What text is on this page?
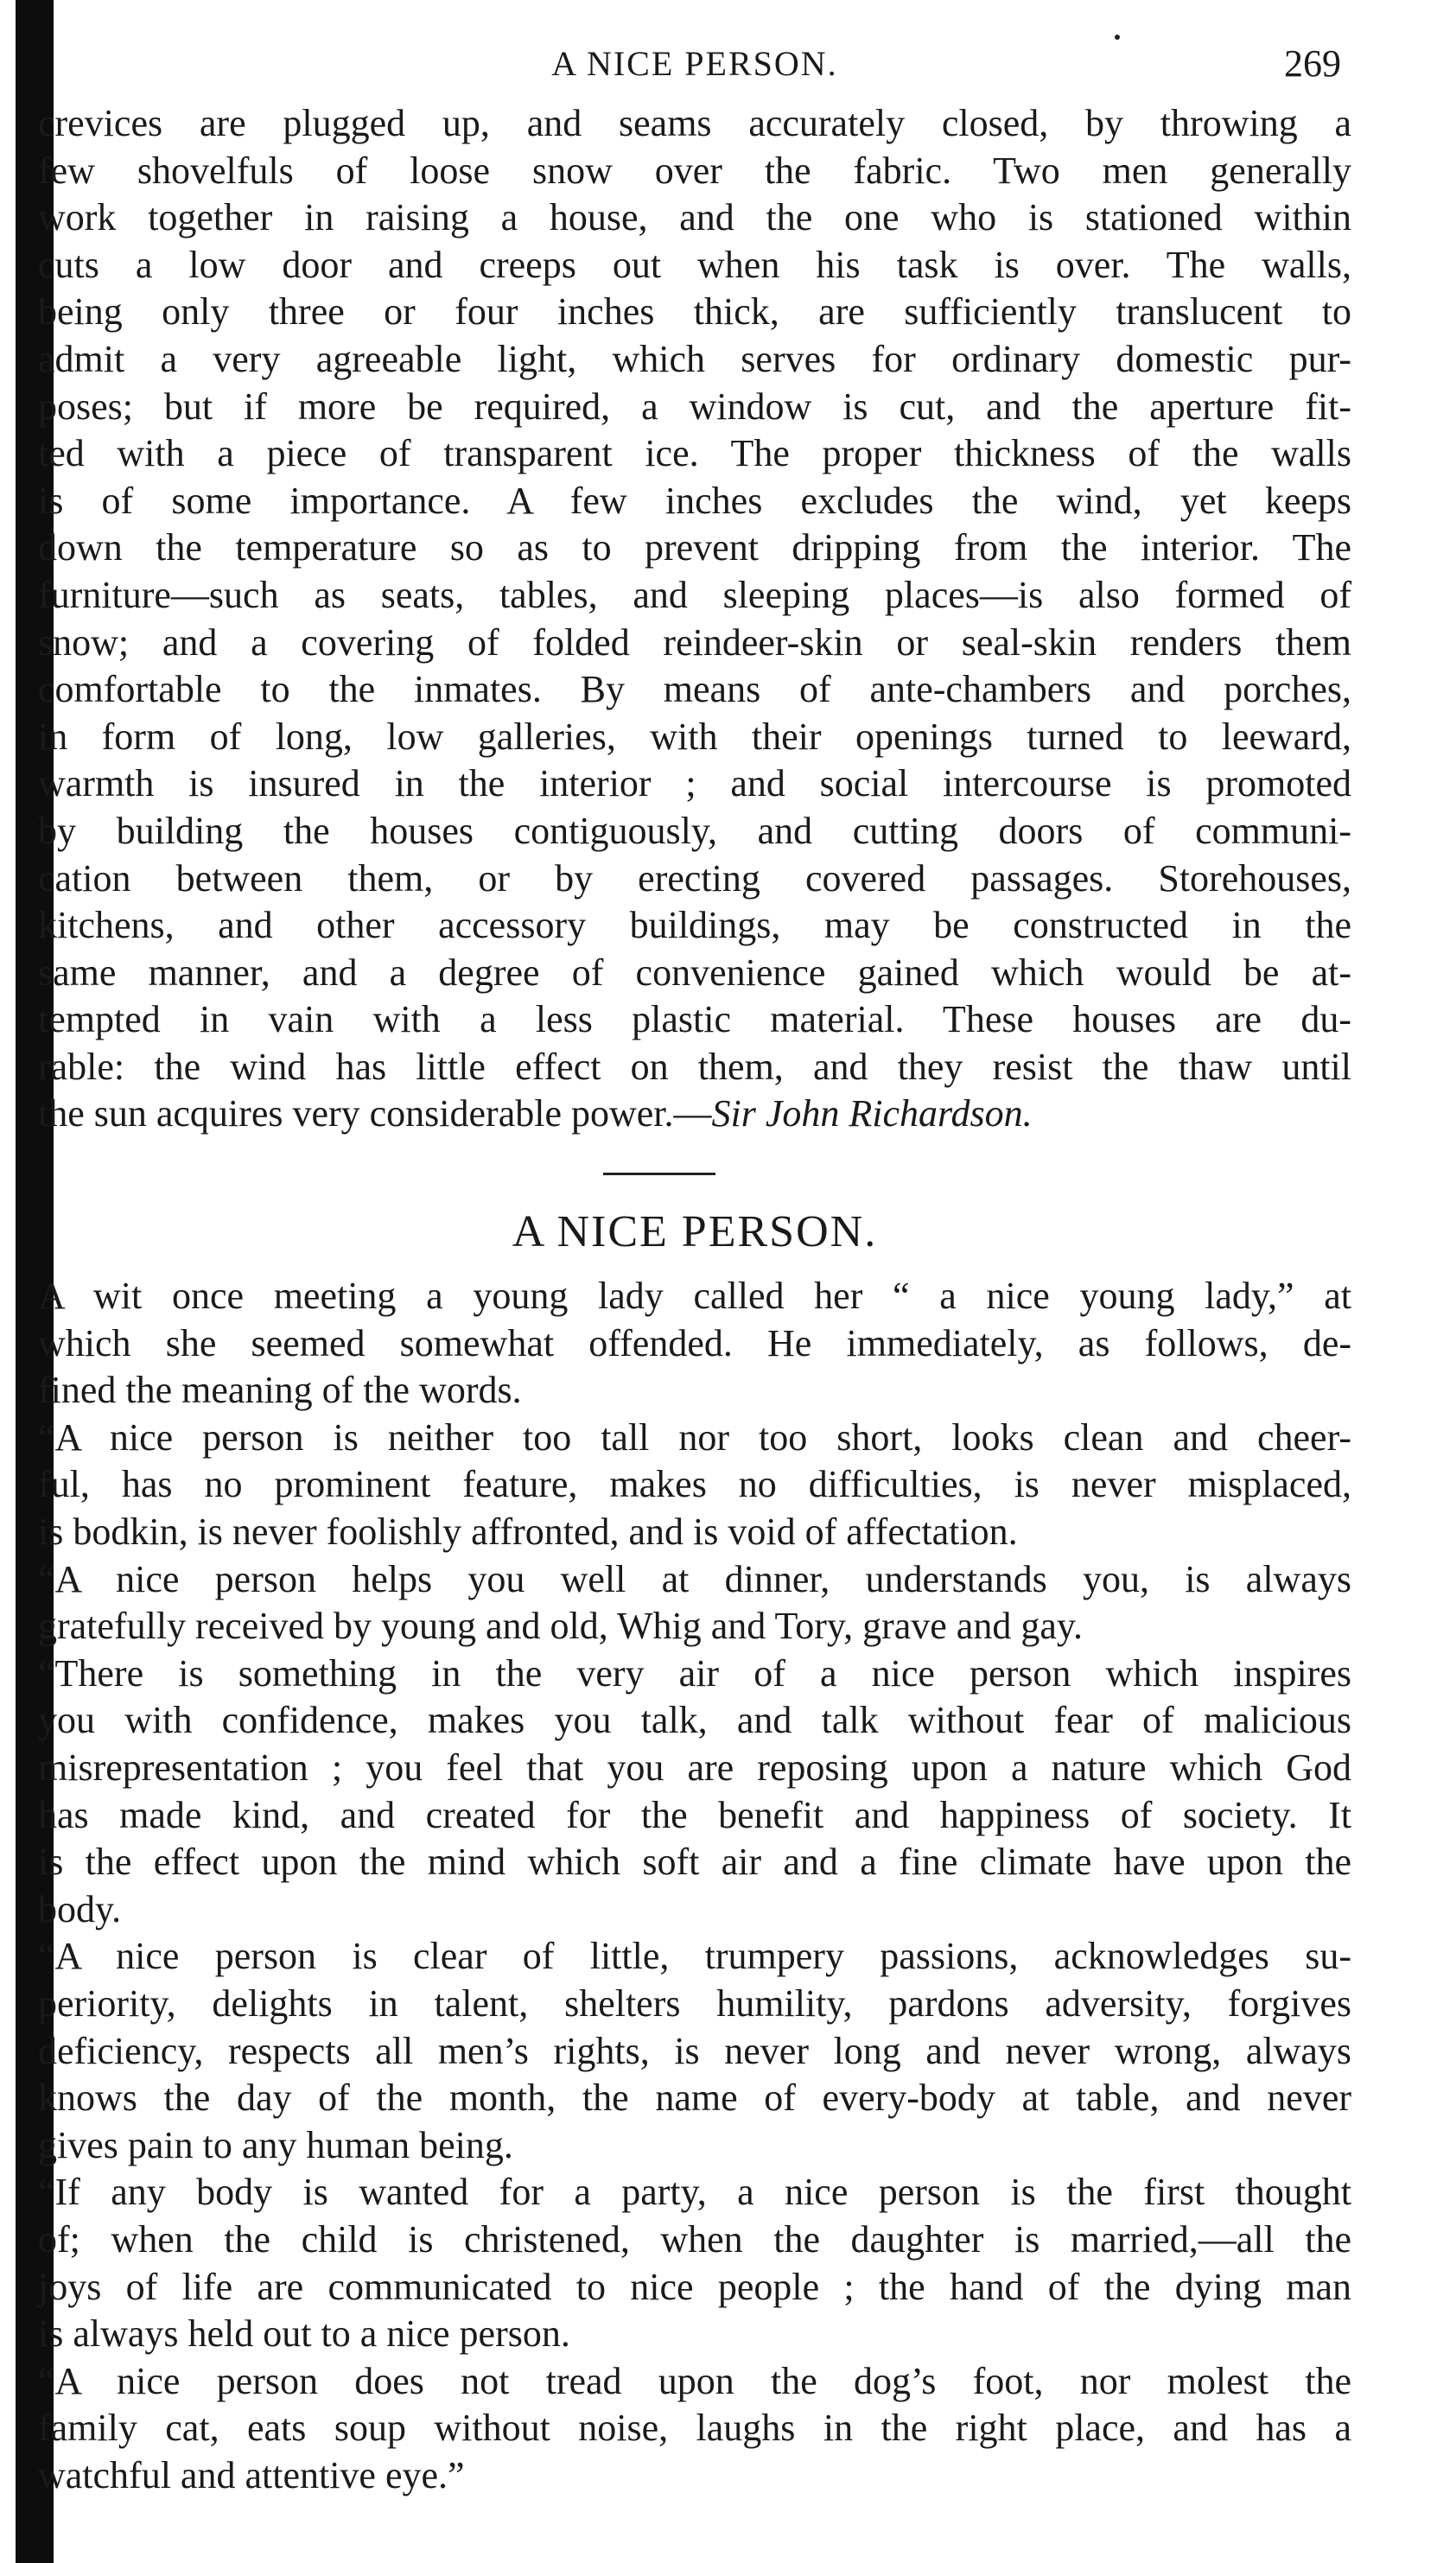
A NICE PERSON.	269

crevices are plugged up, and seams accurately closed, by throwing a

few shovelfuls of loose snow over the fabric. Two men generally

work together in raising a house, and the one who is stationed within

cuts a low door and creeps out when his task is over. The walls,

being only three or four inches thick, are sufficiently translucent to

admit a very agreeable light, which serves for ordinary domestic pur-

poses; but if more be required, a window is cut, and the aperture fit-

ted with a piece of transparent ice. The proper thickness of the walls

is of some importance. A few inches excludes the wind, yet keeps

down the temperature so as to prevent dripping from the interior. The

furniture—such as seats, tables, and sleeping places—is also formed of

snow; and a covering of folded reindeer-skin or seal-skin renders them

comfortable to the inmates. By means of ante-chambers and porches,

in form of long, low galleries, with their openings turned to leeward,

warmth is insured in the interior ; and social intercourse is promoted

by building the houses contiguously, and cutting doors of communi-

cation between them, or by erecting covered passages. Storehouses,

kitchens, and other accessory buildings, may be constructed in the

same manner, and a degree of convenience gained which would be at-

tempted in vain with a less plastic material. These houses are du-

rable: the wind has little effect on them, and they resist the thaw until

the sun acquires very considerable power.—Sir John Richardson.

A NICE PERSON.

A wit once meeting a young lady called her “ a nice young lady,” at

which she seemed somewhat offended. He immediately, as follows, de-

fined the meaning of the words.

“A nice person is neither too tall nor too short, looks clean and cheer-

ful, has no prominent feature, makes no difficulties, is never misplaced,

is bodkin, is never foolishly affronted, and is void of affectation.

“A nice person helps you well at dinner, understands you, is always

gratefully received by young and old, Whig and Tory, grave and gay.

“There is something in the very air of a nice person which inspires

you with confidence, makes you talk, and talk without fear of malicious

misrepresentation ; you feel that you are reposing upon a nature which God

has made kind, and created for the benefit and happiness of society. It

is the effect upon the mind which soft air and a fine climate have upon the

body.

“A nice person is clear of little, trumpery passions, acknowledges su-

periority, delights in talent, shelters humility, pardons adversity, forgives

deficiency, respects all men’s rights, is never long and never wrong, always

knows the day of the month, the name of every-body at table, and never

gives pain to any human being.

“If any body is wanted for a party, a nice person is the first thought

of; when the child is christened, when the daughter is married,—all the

joys of life are communicated to nice people ; the hand of the dying man

is always held out to a nice person.

“A nice person does not tread upon the dog’s foot, nor molest the

family cat, eats soup without noise, laughs in the right place, and has a

watchful and attentive eye.”
